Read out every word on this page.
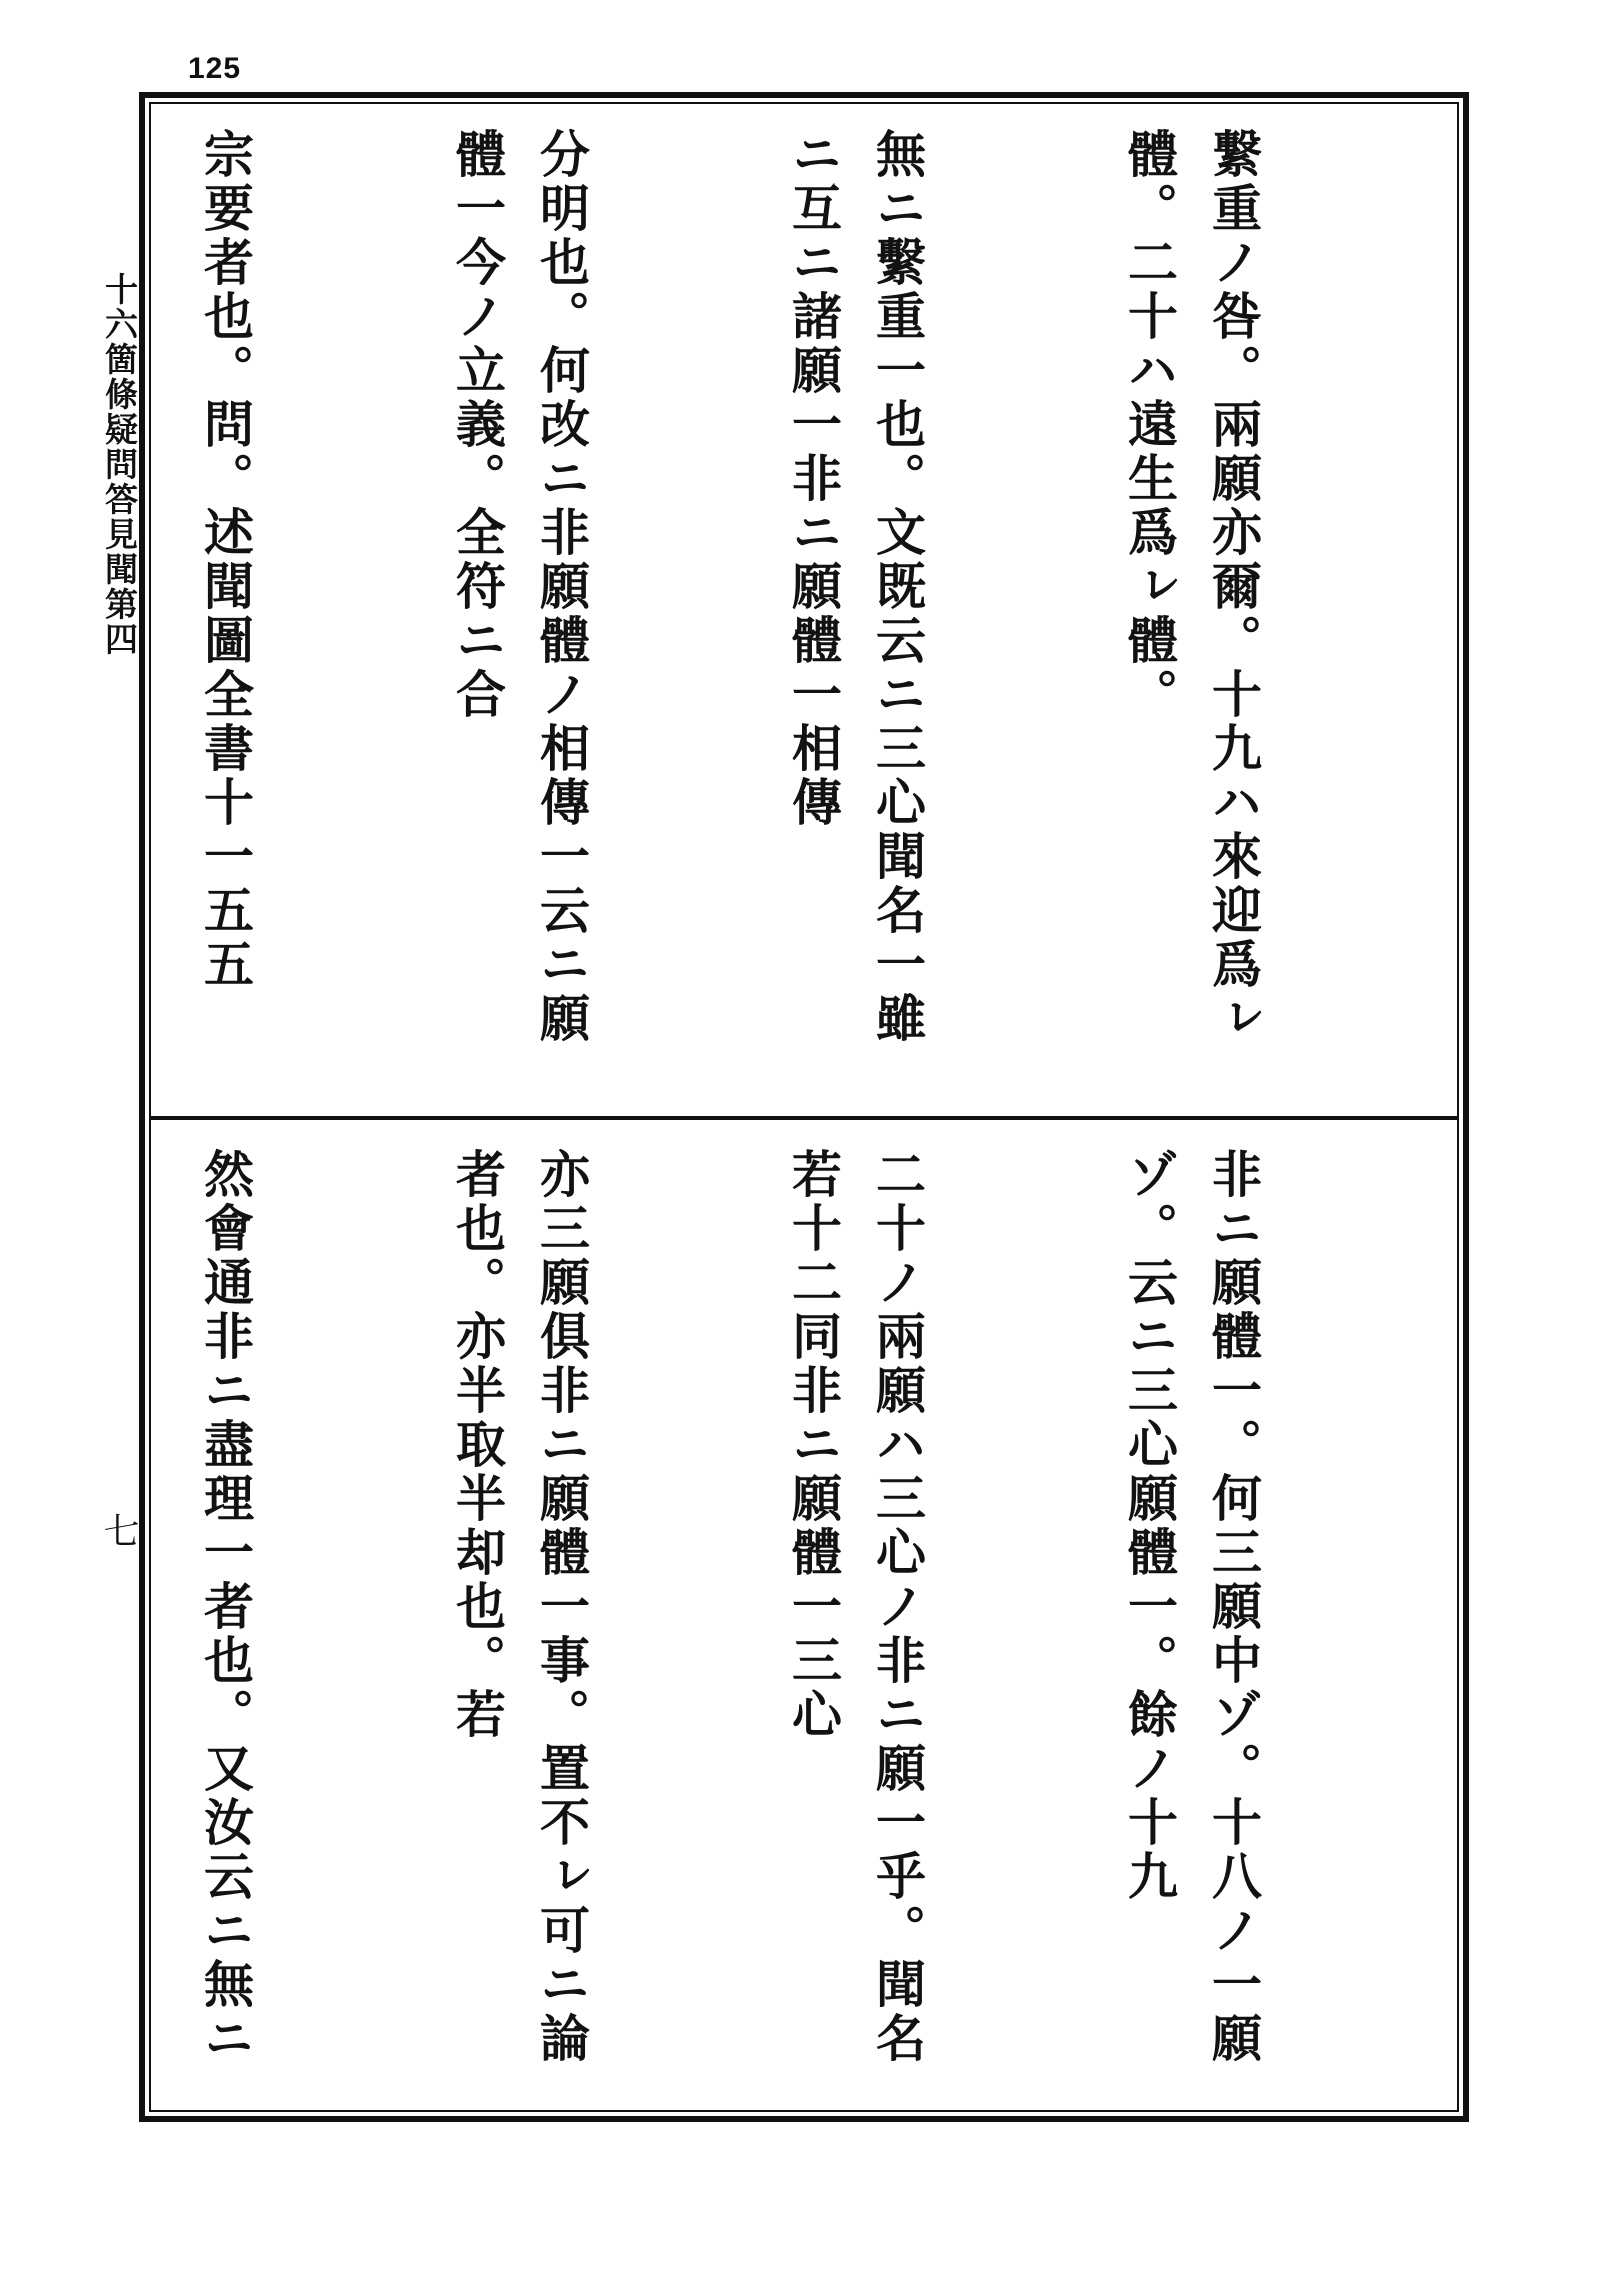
125
十六箇條疑問答見聞第四
七

繋重ノ咎。兩願亦爾。十九ハ來迎爲ㇾ體。二十ハ遠生爲ㇾ體。

無ニ繫重一也。文既云ニ三心聞名一雖ニ互ニ諸願一非ニ願體一相傳

分明也。何改ニ非願體ノ相傳一云ニ願體一今ノ立義。全符ニ合

宗要者也。問。述聞圖全書十一五五

非ニ願體一。何三願中ゾ。十八ノ一願ゾ。云ニ三心願體一。餘ノ十九

二十ノ兩願ハ三心ノ非ニ願一乎。聞名若十二同非ニ願體一三心

亦三願俱非ニ願體一事。置不ㇾ可ニ論者也。亦半取半却也。若

然會通非ニ盡理一者也。又汝云ニ無ニ
